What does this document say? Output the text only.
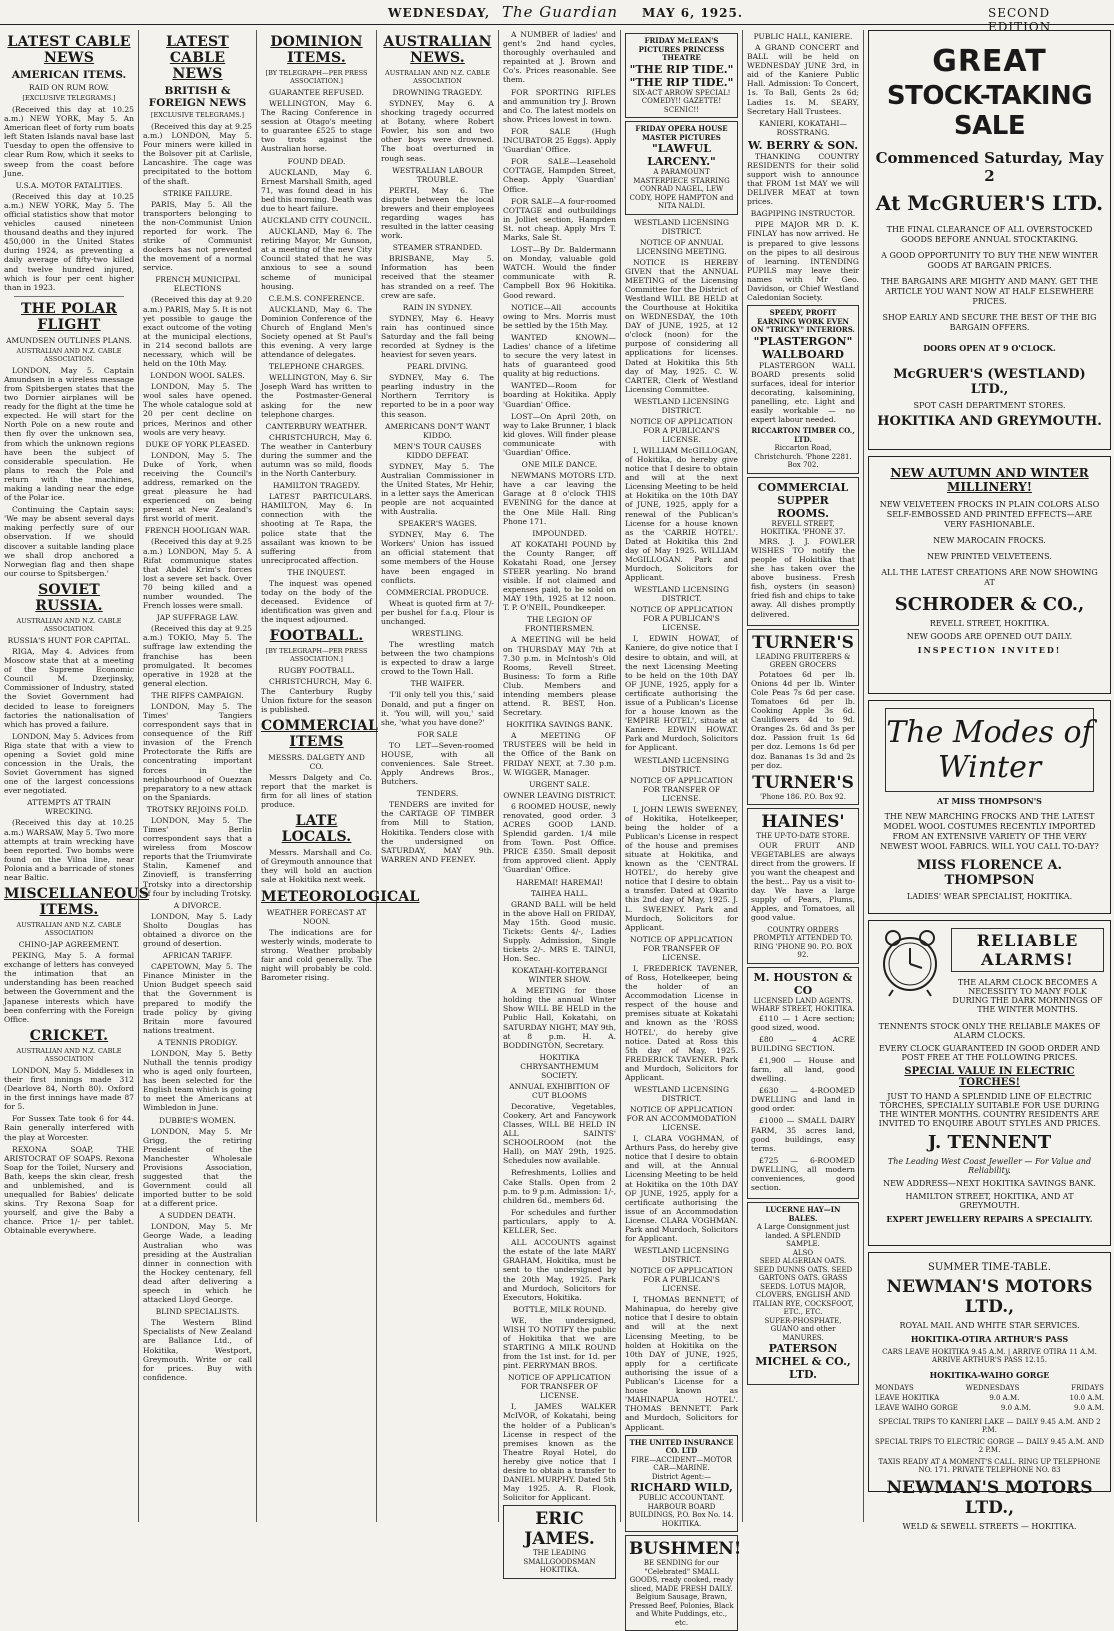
WEDNESDAY, The Guardian MAY 6, 1925.	SECOND EDITION
LATEST CABLE NEWS
AMERICAN ITEMS.
RAID ON RUM ROW.
[EXCLUSIVE TELEGRAMS.]

(Received this day at 10.25 a.m.) NEW YORK, May 5. An American fleet of forty rum boats left Staten Islands naval base last Tuesday to open the offensive to clear Rum Row, which it seeks to sweep from the coast before June.

U.S.A. MOTOR FATALITIES.

(Received this day at 10.25 a.m.) NEW YORK, May 5. The official statistics show that motor vehicles caused nineteen thousand deaths and they injured 450,000 in the United States during 1924, as preventing a daily average of fifty-two killed and twelve hundred injured, which is four per cent higher than in 1923.

THE POLAR FLIGHT
AMUNDSEN OUTLINES PLANS.
AUSTRALIAN AND N.Z. CABLE ASSOCIATION.

LONDON, May 5. Captain Amundsen in a wireless message from Spitsbergen states that the two Dornier airplanes will be ready for the flight at the time he expected. He will start for the North Pole on a new route and then fly over the unknown sea, from which the unknown regions have been the subject of considerable speculation. He plans to reach the Pole and return with the machines, making a landing near the edge of the Polar ice.

Continuing the Captain says: 'We may be absent several days making perfectly sure of our observation. If we should discover a suitable landing place we shall drop anchored a Norwegian flag and then shape our course to Spitsbergen.'

SOVIET RUSSIA.
AUSTRALIAN AND N.Z. CABLE ASSOCIATION.
RUSSIA'S HUNT FOR CAPITAL.

RIGA, May 4. Advices from Moscow state that at a meeting of the Supreme Economic Council M. Dzerjinsky, Commissioner of Industry, stated the Soviet Government had decided to lease to foreigners factories the nationalisation of which has proved a failure.

LONDON, May 5. Advices from Riga state that with a view to opening a Soviet gold mine concession in the Urals, the Soviet Government has signed one of the largest concessions ever negotiated.

ATTEMPTS AT TRAIN WRECKING.

(Received this day at 10.25 a.m.) WARSAW, May 5. Two more attempts at train wrecking have been reported. Two bombs were found on the Vilna line, near Polonia and a barricade of stones near Baltic.

MISCELLANEOUS ITEMS.
AUSTRALIAN AND N.Z. CABLE ASSOCIATION
CHINO-JAP AGREEMENT.

PEKING, May 5. A formal exchange of letters has conveyed the intimation that an understanding has been reached between the Government and the Japanese interests which have been conferring with the Foreign Office.

CRICKET.
AUSTRALIAN AND N.Z. CABLE ASSOCIATION

LONDON, May 5. Middlesex in their first innings made 312 (Dearlove 84, North 80). Oxford in the first innings have made 87 for 5.

For Sussex Tate took 6 for 44. Rain generally interfered with the play at Worcester.

REXONA SOAP, THE ARISTOCRAT OF SOAPS. Rexona Soap for the Toilet, Nursery and Bath, keeps the skin clear, fresh and unblemished, and is unequalled for Babies' delicate skins. Try Rexona Soap for yourself, and give the Baby a chance. Price 1/- per tablet. Obtainable everywhere.

LATEST CABLE NEWS
BRITISH & FOREIGN NEWS
[EXCLUSIVE TELEGRAMS.]

(Received this day at 9.25 a.m.) LONDON, May 5. Four miners were killed in the Bolsover pit at Carlisle, Lancashire. The cage was precipitated to the bottom of the shaft.

STRIKE FAILURE.

PARIS, May 5. All the transporters belonging to the non-Communist Union reported for work. The strike of Communist dockers has not prevented the movement of a normal service.

FRENCH MUNICIPAL ELECTIONS

(Received this day at 9.20 a.m.) PARIS, May 5. It is not yet possible to gauge the exact outcome of the voting at the municipal elections, in 214 second ballots are necessary, which will be held on the 10th May.

LONDON WOOL SALES.

LONDON, May 5. The wool sales have opened. The whole catalogue sold at 20 per cent decline on prices, Merinos and other wools are very heavy.

DUKE OF YORK PLEASED.

LONDON, May 5. The Duke of York, when receiving the Council's address, remarked on the great pleasure he had experienced on being present at New Zealand's first world of merit.

FRENCH HOOLIGAN WAR.

(Received this day at 9.25 a.m.) LONDON, May 5. A Rifat communique states that Abdel Krim's forces lost a severe set back. Over 70 being killed and a number wounded. The French losses were small.

JAP SUFFRAGE LAW.

(Received this day at 9.25 a.m.) TOKIO, May 5. The suffrage law extending the franchise has been promulgated. It becomes operative in 1928 at the general election.

THE RIFFS CAMPAIGN.

LONDON, May 5. The Times' Tangiers correspondent says that in consequence of the Riff invasion of the French Protectorate the Riffs are concentrating important forces in the neighbourhood of Ouezzan preparatory to a new attack on the Spaniards.

TROTSKY REJOINS FOLD.

LONDON, May 5. The Times' Berlin correspondent says that a wireless from Moscow reports that the Triumvirate Stalin, Kamenef and Zinovieff, is transferring Trotsky into a directorship of four by including Trotsky.

A DIVORCE.

LONDON, May 5. Lady Sholto Douglas has obtained a divorce on the ground of desertion.

AFRICAN TARIFF.

CAPETOWN, May 5. The Finance Minister in the Union Budget speech said that the Government is prepared to modify the trade policy by giving Britain more favoured nations treatment.

A TENNIS PRODIGY.

LONDON, May 5. Betty Nuthall the tennis prodigy who is aged only fourteen, has been selected for the English team which is going to meet the Americans at Wimbledon in June.

DUBBIE'S WOMEN.

LONDON, May 5. Mr Grigg, the retiring President of the Manchester Wholesale Provisions Association, suggested that the Government could all imported butter to be sold at a different price.

A SUDDEN DEATH.

LONDON, May 5. Mr George Wade, a leading Australian who was presiding at the Australian dinner in connection with the Hockey centenary, fell dead after delivering a speech in which he attacked Lloyd George.

BLIND SPECIALISTS.

The Western Blind Specialists of New Zealand are Ballance Ltd., of Hokitika, Westport, Greymouth. Write or call for prices. Buy with confidence.

DOMINION ITEMS.
[BY TELEGRAPH—PER PRESS ASSOCIATION.]
GUARANTEE REFUSED.

WELLINGTON, May 6. The Racing Conference in session at Otago's meeting to guarantee £525 to stage two trots against the Australian horse.

FOUND DEAD.

AUCKLAND, May 6. Ernest Marshall Smith, aged 71, was found dead in his bed this morning. Death was due to heart failure.

AUCKLAND CITY COUNCIL.

AUCKLAND, May 6. The retiring Mayor, Mr Gunson, at a meeting of the new City Council stated that he was anxious to see a sound scheme of municipal housing.

C.E.M.S. CONFERENCE.

AUCKLAND, May 6. The Dominion Conference of the Church of England Men's Society opened at St Paul's this evening. A very large attendance of delegates.

TELEPHONE CHARGES.

WELLINGTON, May 6. Sir Joseph Ward has written to the Postmaster-General asking for the new telephone charges.

CANTERBURY WEATHER.

CHRISTCHURCH, May 6. The weather in Canterbury during the summer and the autumn was so mild, floods in the North Canterbury.

HAMILTON TRAGEDY.

LATEST PARTICULARS. HAMILTON, May 6. In connection with the shooting at Te Rapa, the police state that the assailant was known to be suffering from unreciprocated affection.

THE INQUEST.

The inquest was opened today on the body of the deceased. Evidence of identification was given and the inquest adjourned.

FOOTBALL.
[BY TELEGRAPH—PER PRESS ASSOCIATION.]
RUGBY FOOTBALL.

CHRISTCHURCH, May 6. The Canterbury Rugby Union fixture for the season is published.

COMMERCIAL ITEMS
MESSRS. DALGETY AND CO.

Messrs Dalgety and Co. report that the market is firm for all lines of station produce.

LATE LOCALS.

Messrs. Marshall and Co. of Greymouth announce that they will hold an auction sale at Hokitika next week.

METEOROLOGICAL
WEATHER FORECAST AT NOON.

The indications are for westerly winds, moderate to strong. Weather probably fair and cold generally. The night will probably be cold. Barometer rising.

AUSTRALIAN NEWS.
AUSTRALIAN AND N.Z. CABLE ASSOCIATION
DROWNING TRAGEDY.

SYDNEY, May 6. A shocking tragedy occurred at Botany, where Robert Fowler, his son and two other boys were drowned. The boat overturned in rough seas.

WESTRALIAN LABOUR TROUBLE.

PERTH, May 6. The dispute between the local brewers and their employees regarding wages has resulted in the latter ceasing work.

STEAMER STRANDED.

BRISBANE, May 5. Information has been received that the steamer has stranded on a reef. The crew are safe.

RAIN IN SYDNEY.

SYDNEY, May 6. Heavy rain has continued since Saturday and the fall being recorded at Sydney is the heaviest for seven years.

PEARL DIVING.

SYDNEY, May 6. The pearling industry in the Northern Territory is reported to be in a poor way this season.

AMERICANS DON'T WANT KIDDO.
MEN'S TOUR CAUSES KIDDO DEFEAT.

SYDNEY, May 5. The Australian Commissioner in the United States, Mr Hehir, in a letter says the American people are not acquainted with Australia.

SPEAKER'S WAGES.

SYDNEY, May 6. The Workers' Union has issued an official statement that some members of the House have been engaged in conflicts.

COMMERCIAL PRODUCE.

Wheat is quoted firm at 7/- per bushel for f.a.q. Flour is unchanged.

WRESTLING.

The wrestling match between the two champions is expected to draw a large crowd to the Town Hall.

THE WAIFER.

'I'll only tell you this,' said Donald, and put a finger on it. 'You will, will you,' said she, 'what you have done?'

FOR SALE

TO LET—Seven-roomed HOUSE, with all conveniences. Sale Street. Apply Andrews Bros., Butchers.

TENDERS.

TENDERS are invited for the CARTAGE OF TIMBER from Mill to Station, Hokitika. Tenders close with the undersigned on SATURDAY, MAY 9th. WARREN AND FEENEY.

A NUMBER of ladies' and gent's 2nd hand cycles, thoroughly overhauled and repainted at J. Brown and Co's. Prices reasonable. See them.

FOR SPORTING RIFLES and ammunition try J. Brown and Co. The latest models on show. Prices lowest in town.

FOR SALE (Hugh INCUBATOR 25 Eggs). Apply 'Guardian' Office.

FOR SALE—Leasehold COTTAGE, Hampden Street, Cheap. Apply 'Guardian' Office.

FOR SALE—A four-roomed COTTAGE and outbuildings in Jolliet section, Hampden St. not cheap. Apply Mrs T. Marks, Sale St.

LOST—By Dr. Baldermann on Monday, valuable gold WATCH. Would the finder communicate with R. Campbell Box 96 Hokitika. Good reward.

NOTICE—All accounts owing to Mrs. Morris must be settled by the 15th May.

WANTED KNOWN—Ladies' chance of a lifetime to secure the very latest in hats of guaranteed good quality at big reductions.

WANTED—Room for boarding at Hokitika. Apply 'Guardian' Office.

LOST—On April 20th, on way to Lake Brunner, 1 black kid gloves. Will finder please communicate with 'Guardian' Office.

ONE MILE DANCE.

NEWMANS MOTORS LTD. have a car leaving the Garage at 8 o'clock THIS EVENING for the dance at the One Mile Hall. Ring Phone 171.

IMPOUNDED.

AT KOKATAHI POUND by the County Ranger, off Kokatahi Road, one Jersey STEER yearling. No brand visible. If not claimed and expenses paid, to be sold on MAY 19th, 1925 at 12 noon. T. P. O'NEIL, Poundkeeper.

THE LEGION OF FRONTIERSMEN.

A MEETING will be held on THURSDAY MAY 7th at 7.30 p.m. in McIntosh's Old Rooms, Revell Street. Business: To form a Rifle Club. Members and intending members please attend. R. BEST, Hon. Secretary.

HOKITIKA SAVINGS BANK.

A MEETING OF TRUSTEES will be held in the Office of the Bank on FRIDAY NEXT, at 7.30 p.m. W. WIGGER, Manager.

URGENT SALE.
OWNER LEAVING DISTRICT.

6 ROOMED HOUSE, newly renovated, good order. 3 ACRES GOOD LAND. Splendid garden. 1/4 mile from Town. Post Office. PRICE £350. Small deposit from approved client. Apply 'Guardian' Office.

HAREMAI! HAREMAI!
TAIHEA HALL.

GRAND BALL will be held in the above Hall on FRIDAY, May 15th. Good music. Tickets: Gents 4/-, Ladies Supply. Admission, Single tickets 2/-. MRS E. TAINUI, Hon. Sec.

KOKATAHI-KOITERANGI WINTER SHOW.

A MEETING for those holding the annual Winter Show WILL BE HELD in the Public Hall, Kokatahi, on SATURDAY NIGHT, MAY 9th, at 8 p.m. H. A. BODDINGTON, Secretary.

HOKITIKA CHRYSANTHEMUM SOCIETY.
ANNUAL EXHIBITION OF CUT BLOOMS

Decorative, Vegetables, Cookery, Art and Fancywork Classes, WILL BE HELD IN ALL SAINTS' SCHOOLROOM (not the Hall), on MAY 29th, 1925. Schedules now available.

Refreshments, Lollies and Cake Stalls. Open from 2 p.m. to 9 p.m. Admission: 1/-, children 6d., members 6d.

For schedules and further particulars, apply to A. KELLER, Sec.

ALL ACCOUNTS against the estate of the late MARY GRAHAM, Hokitika, must be sent to the undersigned by the 20th May, 1925. Park and Murdoch, Solicitors for Executors, Hokitika.

BOTTLE, MILK ROUND.

WE, the undersigned, WISH TO NOTIFY the public of Hokitika that we are STARTING A MILK ROUND from the 1st inst. for 1d. per pint. FERRYMAN BROS.

NOTICE OF APPLICATION FOR TRANSFER OF LICENSE.

I, JAMES WALKER McIVOR, of Kokatahi, being the holder of a Publican's License in respect of the premises known as the Theatre Royal Hotel, do hereby give notice that I desire to obtain a transfer to DANIEL MURPHY. Dated 5th May 1925. A. R. Flook, Solicitor for Applicant.

ERIC JAMES.
THE LEADING SMALLGOODSMAN HOKITIKA.
FRIDAY McLEAN'S PICTURES PRINCESS THEATRE
"THE RIP TIDE." "THE RIP TIDE."
SIX-ACT ARROW SPECIAL! COMEDY!! GAZETTE! SCENIC!!
FRIDAY OPERA HOUSE MASTER PICTURES
"LAWFUL LARCENY."
A PARAMOUNT MASTERPIECE STARRING CONRAD NAGEL, LEW CODY, HOPE HAMPTON and NITA NALDI.
WESTLAND LICENSING DISTRICT.
NOTICE OF ANNUAL LICENSING MEETING.

NOTICE IS HEREBY GIVEN that the ANNUAL MEETING of the Licensing Committee for the District of Westland WILL BE HELD at the Courthouse at Hokitika on WEDNESDAY, the 10th DAY of JUNE, 1925, at 12 o'clock (noon) for the purpose of considering all applications for licenses. Dated at Hokitika this 5th day of May, 1925. C. W. CARTER, Clerk of Westland Licensing Committee.

WESTLAND LICENSING DISTRICT.
NOTICE OF APPLICATION FOR A PUBLICAN'S LICENSE.

I, WILLIAM McGILLOGAN, of Hokitika, do hereby give notice that I desire to obtain and will at the next Licensing Meeting to be held at Hokitika on the 10th DAY of JUNE, 1925, apply for a renewal of the Publican's License for a house known as the 'CARRIE HOTEL'. Dated at Hokitika this 2nd day of May 1925. WILLIAM McGILLOGAN. Park and Murdoch, Solicitors for Applicant.

WESTLAND LICENSING DISTRICT.
NOTICE OF APPLICATION FOR A PUBLICAN'S LICENSE.

I, EDWIN HOWAT, of Kaniere, do give notice that I desire to obtain, and will, at the next Licensing Meeting to be held on the 10th DAY OF JUNE, 1925, apply for a certificate authorising the issue of a Publican's License for a house known as the 'EMPIRE HOTEL', situate at Kaniere. EDWIN HOWAT. Park and Murdoch, Solicitors for Applicant.

WESTLAND LICENSING DISTRICT.
NOTICE OF APPLICATION FOR TRANSFER OF LICENSE.

I, JOHN LEWIS SWEENEY, of Hokitika, Hotelkeeper, being the holder of a Publican's License in respect of the house and premises situate at Hokitika, and known as the 'CENTRAL HOTEL', do hereby give notice that I desire to obtain a transfer. Dated at Okarito this 2nd day of May, 1925. J. L. SWEENEY. Park and Murdoch, Solicitors for Applicant.

NOTICE OF APPLICATION FOR TRANSFER OF LICENSE.

I, FREDERICK TAVENER, of Ross, Hotelkeeper, being the holder of an Accommodation License in respect of the house and premises situate at Kokatahi and known as the 'ROSS HOTEL', do hereby give notice. Dated at Ross this 5th day of May, 1925. FREDERICK TAVENER. Park and Murdoch, Solicitors for Applicant.

WESTLAND LICENSING DISTRICT.
NOTICE OF APPLICATION FOR AN ACCOMMODATION LICENSE.

I, CLARA VOGHMAN, of Arthurs Pass, do hereby give notice that I desire to obtain and will, at the Annual Licensing Meeting to be held at Hokitika on the 10th DAY OF JUNE, 1925, apply for a certificate authorising the issue of an Accommodation License. CLARA VOGHMAN. Park and Murdoch, Solicitors for Applicant.

WESTLAND LICENSING DISTRICT.
NOTICE OF APPLICATION FOR A PUBLICAN'S LICENSE.

I, THOMAS BENNETT, of Mahinapua, do hereby give notice that I desire to obtain and will at the next Licensing Meeting, to be holden at Hokitika on the 10th DAY of JUNE, 1925, apply for a certificate authorising the issue of a Publican's License for a house known as 'MAHINAPUA HOTEL'. THOMAS BENNETT. Park and Murdoch, Solicitors for Applicant.

THE UNITED INSURANCE CO. LTD
FIRE—ACCIDENT—MOTOR CAR—MARINE.
District Agent:—
RICHARD WILD,
PUBLIC ACCOUNTANT. HARBOUR BOARD BUILDINGS, P.O. Box No. 14. HOKITIKA.
BUSHMEN!
BE SENDING for our "Celebrated" SMALL GOODS, ready cooked, ready sliced, MADE FRESH DAILY. Belgium Sausage, Brawn, Pressed Beef, Polonies, Black and White Puddings, etc., etc.
PUBLIC HALL, KANIERE.

A GRAND CONCERT and BALL will be held on WEDNESDAY JUNE 3rd, in aid of the Kaniere Public Hall. Admission: To Concert, 1s. To Ball, Gents 2s 6d; Ladies 1s. M. SEARY, Secretary Hall Trustees.

KANIERI, KOKATAHI—ROSSTRANG.
W. BERRY & SON.

THANKING COUNTRY RESIDENTS for their solid support wish to announce that FROM 1st MAY we will DELIVER MEAT at town prices.

BAGPIPING INSTRUCTOR.

PIPE MAJOR MR D. K. FINLAY has now arrived. He is prepared to give lessons on the pipes to all desirous of learning. INTENDING PUPILS may leave their names with Mr Geo. Davidson, or Chief Westland Caledonian Society.

SPEEDY, PROFIT EARNING WORK EVEN ON "TRICKY" INTERIORS.
"PLASTERGON" WALLBOARD

PLASTERGON WALL BOARD presents solid surfaces, ideal for interior decorating, kalsomining, panelling, etc. Light and easily workable — no expert labour needed.

RICCARTON TIMBER CO., LTD.
Riccarton Road, Christchurch. 'Phone 2281. Box 702.
COMMERCIAL SUPPER ROOMS.
REVELL STREET, HOKITIKA. 'PHONE 37.

MRS. J. J. FOWLER WISHES TO notify the people of Hokitika that she has taken over the above business. Fresh fish, oysters (in season) fried fish and chips to take away. All dishes promptly delivered.

TURNER'S
LEADING FRUITERERS & GREEN GROCERS

Potatoes 6d per lb. Onions 4d per lb. Winter Cole Peas 7s 6d per case. Tomatoes 6d per lb. Cooking Apple 3s 6d. Cauliflowers 4d to 9d. Oranges 2s. 6d and 3s per doz. Passion fruit 1s 6d per doz. Lemons 1s 6d per doz. Bananas 1s 3d and 2s per doz.

TURNER'S
'Phone 186. P.O. Box 92.
HAINES'
THE UP-TO-DATE STORE.

OUR FRUIT AND VEGETABLES are always direct from the growers. If you want the cheapest and the best... Pay us a visit to-day. We have a large supply of Pears, Plums, Apples, and Tomatoes, all good value.

COUNTRY ORDERS PROMPTLY ATTENDED TO.
RING 'PHONE 90. P.O. BOX 92.
M. HOUSTON & CO
LICENSED LAND AGENTS. WHARF STREET, HOKITIKA.

£110 — 1 Acre section; good sized, wood.

£80 — 4 ACRE BUILDING SECTION.

£1,900 — House and farm, all land, good dwelling.

£630 — 4-ROOMED DWELLING and land in good order.

£1000 — SMALL DAIRY FARM, 35 acres land, good buildings, easy terms.

£725 — 6-ROOMED DWELLING, all modern conveniences, good section.

LUCERNE HAY—IN BALES.
A Large Consignment just landed. A SPLENDID SAMPLE.
ALSO
SEED ALGERIAN OATS. SEED DUNNS OATS. SEED GARTONS OATS. GRASS SEEDS. LOTUS MAJOR, CLOVERS, ENGLISH AND ITALIAN RYE, COCKSFOOT, ETC., ETC.
SUPER-PHOSPHATE, GUANO and other MANURES.
PATERSON MICHEL & CO., LTD.
GREAT
STOCK-TAKING SALE
Commenced Saturday, May 2
At McGRUER'S LTD.

THE FINAL CLEARANCE OF ALL OVERSTOCKED GOODS BEFORE ANNUAL STOCKTAKING.

A GOOD OPPORTUNITY TO BUY THE NEW WINTER GOODS AT BARGAIN PRICES.

THE BARGAINS ARE MIGHTY AND MANY. GET THE ARTICLE YOU WANT NOW AT HALF ELSEWHERE PRICES.

SHOP EARLY AND SECURE THE BEST OF THE BIG BARGAIN OFFERS.

DOORS OPEN AT 9 O'CLOCK.
McGRUER'S (WESTLAND) LTD.,
SPOT CASH DEPARTMENT STORES.
HOKITIKA AND GREYMOUTH.
NEW AUTUMN AND WINTER MILLINERY!

NEW VELVETEEN FROCKS IN PLAIN COLORS ALSO SELF-EMBOSSED AND PRINTED EFFECTS—ARE VERY FASHIONABLE.

NEW MAROCAIN FROCKS.

NEW PRINTED VELVETEENS.

ALL THE LATEST CREATIONS ARE NOW SHOWING AT

SCHRODER & CO.,
REVELL STREET, HOKITIKA.
NEW GOODS ARE OPENED OUT DAILY.
INSPECTION INVITED!
The Modes of Winter
AT MISS THOMPSON'S

THE NEW MARCHING FROCKS AND THE LATEST MODEL WOOL COSTUMES RECENTLY IMPORTED FROM AN EXTENSIVE VARIETY OF THE VERY NEWEST WOOL FABRICS. WILL YOU CALL TO-DAY?

MISS FLORENCE A. THOMPSON
LADIES' WEAR SPECIALIST, HOKITIKA.
RELIABLE ALARMS!
THE ALARM CLOCK BECOMES A NECESSITY TO MANY FOLK DURING THE DARK MORNINGS OF THE WINTER MONTHS.
TENNENTS STOCK ONLY THE RELIABLE MAKES OF ALARM CLOCKS.
EVERY CLOCK GUARANTEED IN GOOD ORDER AND POST FREE AT THE FOLLOWING PRICES.
SPECIAL VALUE IN ELECTRIC TORCHES!
JUST TO HAND A SPLENDID LINE OF ELECTRIC TORCHES, SPECIALLY SUITABLE FOR USE DURING THE WINTER MONTHS. COUNTRY RESIDENTS ARE INVITED TO ENQUIRE ABOUT STYLES AND PRICES.
J. TENNENT
The Leading West Coast Jeweller — For Value and Reliability.
NEW ADDRESS—NEXT HOKITIKA SAVINGS BANK.
HAMILTON STREET, HOKITIKA, AND AT GREYMOUTH.
EXPERT JEWELLERY REPAIRS A SPECIALITY.
SUMMER TIME-TABLE.
NEWMAN'S MOTORS LTD.,
ROYAL MAIL AND WHITE STAR SERVICES.
HOKITIKA-OTIRA ARTHUR'S PASS
CARS LEAVE HOKITIKA 9.45 A.M. | ARRIVE OTIRA 11 A.M. ARRIVE ARTHUR'S PASS 12.15.
HOKITIKA-WAIHO GORGE
MONDAYS	WEDNESDAYS	FRIDAYS
LEAVE HOKITIKA	9.0 A.M.	10.0 A.M.
LEAVE WAIHO GORGE	9.0 A.M.	9.0 A.M.
SPECIAL TRIPS TO KANIERI LAKE — DAILY 9.45 A.M. AND 2 P.M.
SPECIAL TRIPS TO ELECTRIC GORGE — DAILY 9.45 A.M. AND 2 P.M.
TAXIS READY AT A MOMENT'S CALL. RING UP TELEPHONE NO. 171. PRIVATE TELEPHONE NO. 83
NEWMAN'S MOTORS LTD.,
WELD & SEWELL STREETS — HOKITIKA.
